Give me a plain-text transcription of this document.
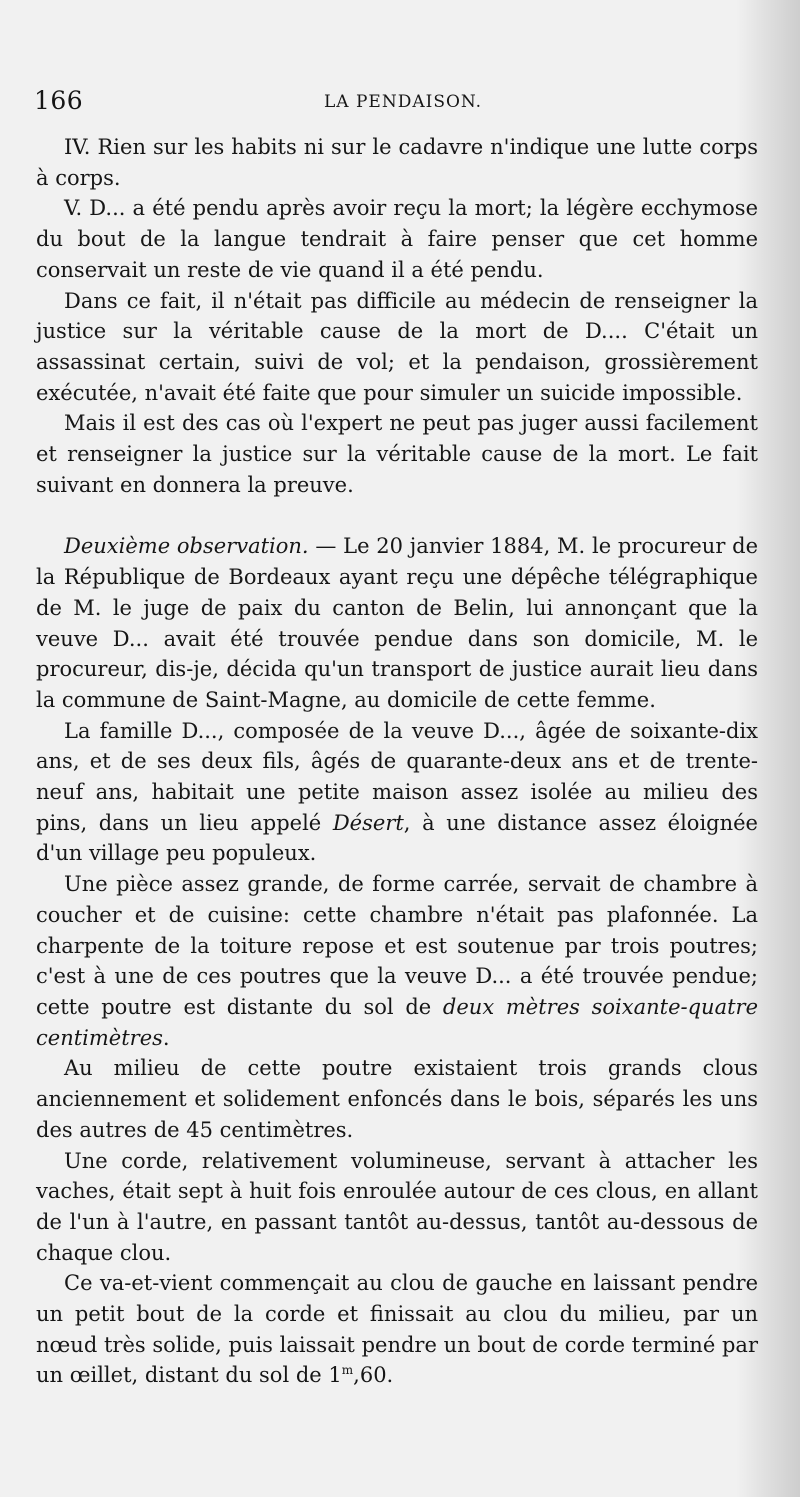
166	LA PENDAISON.

IV. Rien sur les habits ni sur le cadavre n'indique une lutte corps à corps.

V. D... a été pendu après avoir reçu la mort; la légère ecchymose du bout de la langue tendrait à faire penser que cet homme conservait un reste de vie quand il a été pendu.

Dans ce fait, il n'était pas difficile au médecin de renseigner la justice sur la véritable cause de la mort de D.... C'était un assassinat certain, suivi de vol; et la pendaison, grossièrement exécutée, n'avait été faite que pour simuler un suicide impossible.

Mais il est des cas où l'expert ne peut pas juger aussi facilement et renseigner la justice sur la véritable cause de la mort. Le fait suivant en donnera la preuve.

Deuxième observation. — Le 20 janvier 1884, M. le procureur de la République de Bordeaux ayant reçu une dépêche télégraphique de M. le juge de paix du canton de Belin, lui annonçant que la veuve D... avait été trouvée pendue dans son domicile, M. le procureur, dis-je, décida qu'un transport de justice aurait lieu dans la commune de Saint-Magne, au domicile de cette femme.

La famille D..., composée de la veuve D..., âgée de soixante-dix ans, et de ses deux fils, âgés de quarante-deux ans et de trente-neuf ans, habitait une petite maison assez isolée au milieu des pins, dans un lieu appelé Désert, à une distance assez éloignée d'un village peu populeux.

Une pièce assez grande, de forme carrée, servait de chambre à coucher et de cuisine: cette chambre n'était pas plafonnée. La charpente de la toiture repose et est soutenue par trois poutres; c'est à une de ces poutres que la veuve D... a été trouvée pendue; cette poutre est distante du sol de deux mètres soixante-quatre centimètres.

Au milieu de cette poutre existaient trois grands clous anciennement et solidement enfoncés dans le bois, séparés les uns des autres de 45 centimètres.

Une corde, relativement volumineuse, servant à attacher les vaches, était sept à huit fois enroulée autour de ces clous, en allant de l'un à l'autre, en passant tantôt au-dessus, tantôt au-dessous de chaque clou.

Ce va-et-vient commençait au clou de gauche en laissant pendre un petit bout de la corde et finissait au clou du milieu, par un nœud très solide, puis laissait pendre un bout de corde terminé par un œillet, distant du sol de 1$^m$,60.
